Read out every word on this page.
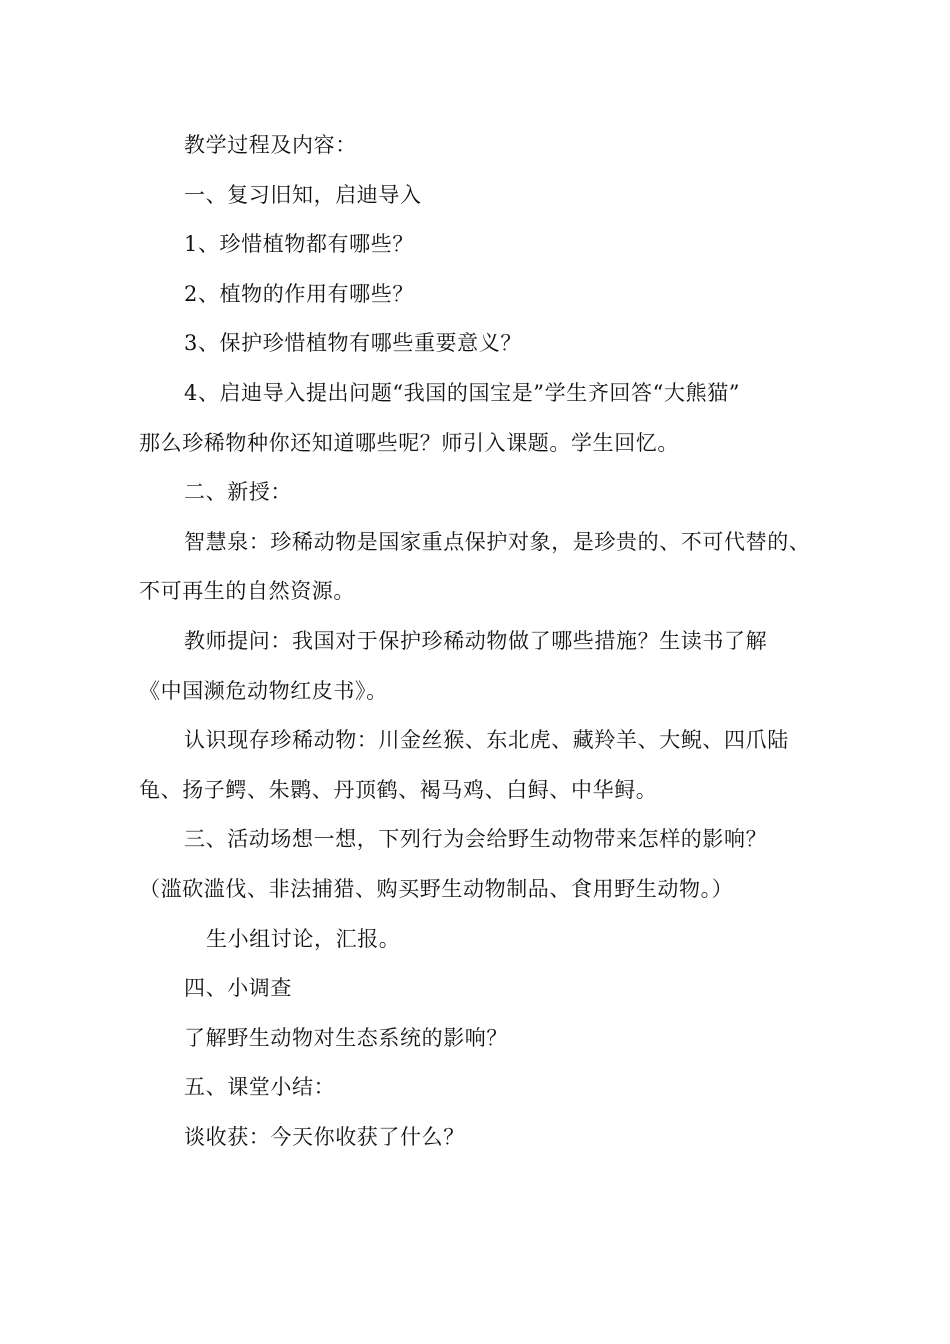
教学过程及内容：

一、复习旧知，启迪导入

1、珍惜植物都有哪些？

2、植物的作用有哪些？

3、保护珍惜植物有哪些重要意义？

4、启迪导入提出问题“我国的国宝是”学生齐回答“大熊猫”

那么珍稀物种你还知道哪些呢？师引入课题。学生回忆。

二、新授：

智慧泉：珍稀动物是国家重点保护对象，是珍贵的、不可代替的、

不可再生的自然资源。

教师提问：我国对于保护珍稀动物做了哪些措施？生读书了解

《中国濒危动物红皮书》。

认识现存珍稀动物：川金丝猴、东北虎、藏羚羊、大鲵、四爪陆

龟、扬子鳄、朱鹮、丹顶鹤、褐马鸡、白鲟、中华鲟。

三、活动场想一想，下列行为会给野生动物带来怎样的影响？

（滥砍滥伐、非法捕猎、购买野生动物制品、食用野生动物。）

生小组讨论，汇报。

四、小调查

了解野生动物对生态系统的影响？

五、课堂小结：

谈收获：今天你收获了什么？
